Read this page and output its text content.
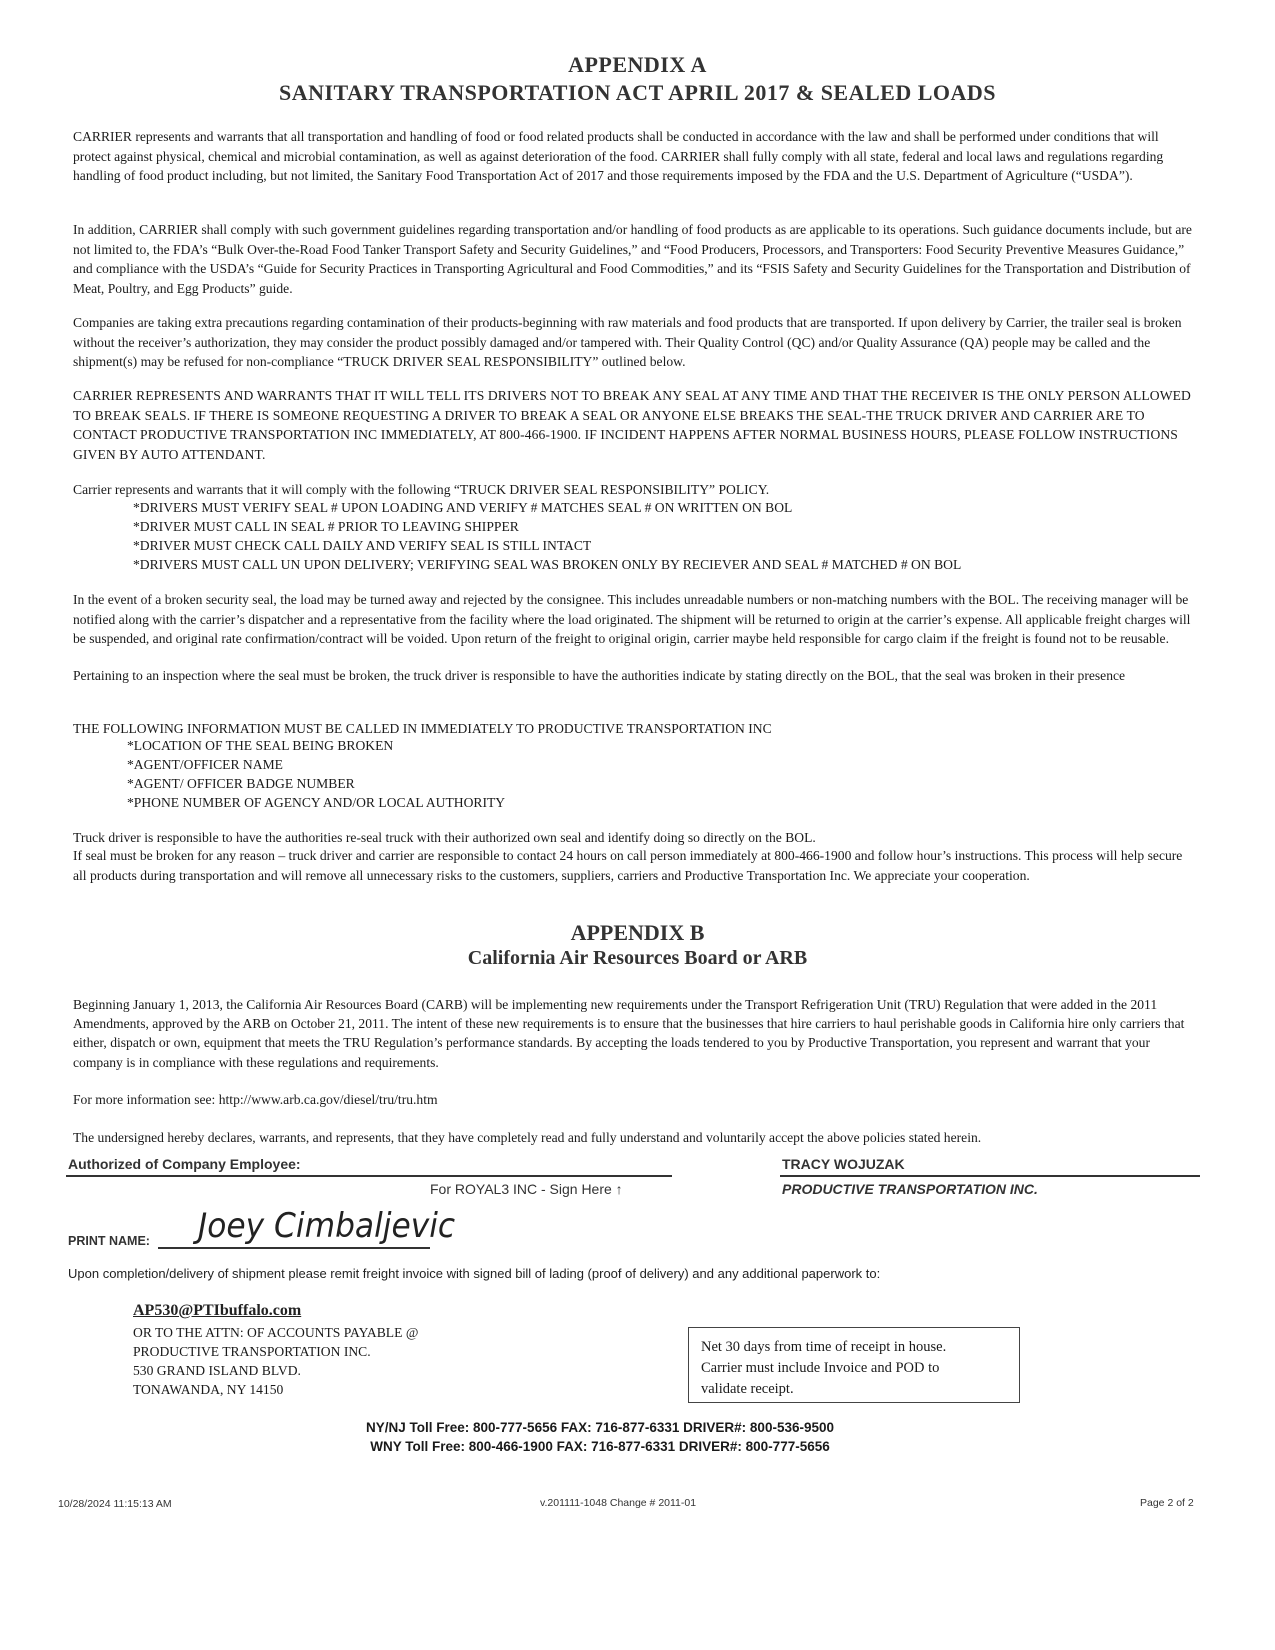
APPENDIX A
SANITARY TRANSPORTATION ACT APRIL 2017 & SEALED LOADS

CARRIER represents and warrants that all transportation and handling of food or food related products shall be conducted in accordance with the law and shall be performed under conditions that will protect against physical, chemical and microbial contamination, as well as against deterioration of the food. CARRIER shall fully comply with all state, federal and local laws and regulations regarding handling of food product including, but not limited, the Sanitary Food Transportation Act of 2017 and those requirements imposed by the FDA and the U.S. Department of Agriculture (“USDA”).

In addition, CARRIER shall comply with such government guidelines regarding transportation and/or handling of food products as are applicable to its operations. Such guidance documents include, but are not limited to, the FDA’s “Bulk Over-the-Road Food Tanker Transport Safety and Security Guidelines,” and “Food Producers, Processors, and Transporters: Food Security Preventive Measures Guidance,” and compliance with the USDA’s “Guide for Security Practices in Transporting Agricultural and Food Commodities,” and its “FSIS Safety and Security Guidelines for the Transportation and Distribution of Meat, Poultry, and Egg Products” guide.

Companies are taking extra precautions regarding contamination of their products-beginning with raw materials and food products that are transported. If upon delivery by Carrier, the trailer seal is broken without the receiver’s authorization, they may consider the product possibly damaged and/or tampered with. Their Quality Control (QC) and/or Quality Assurance (QA) people may be called and the shipment(s) may be refused for non-compliance “TRUCK DRIVER SEAL RESPONSIBILITY” outlined below.

CARRIER REPRESENTS AND WARRANTS THAT IT WILL TELL ITS DRIVERS NOT TO BREAK ANY SEAL AT ANY TIME AND THAT THE RECEIVER IS THE ONLY PERSON ALLOWED TO BREAK SEALS. IF THERE IS SOMEONE REQUESTING A DRIVER TO BREAK A SEAL OR ANYONE ELSE BREAKS THE SEAL-THE TRUCK DRIVER AND CARRIER ARE TO CONTACT PRODUCTIVE TRANSPORTATION INC IMMEDIATELY, AT 800-466-1900. IF INCIDENT HAPPENS AFTER NORMAL BUSINESS HOURS, PLEASE FOLLOW INSTRUCTIONS GIVEN BY AUTO ATTENDANT.

Carrier represents and warrants that it will comply with the following “TRUCK DRIVER SEAL RESPONSIBILITY” POLICY.

*DRIVERS MUST VERIFY SEAL # UPON LOADING AND VERIFY # MATCHES SEAL # ON WRITTEN ON BOL
*DRIVER MUST CALL IN SEAL # PRIOR TO LEAVING SHIPPER
*DRIVER MUST CHECK CALL DAILY AND VERIFY SEAL IS STILL INTACT
*DRIVERS MUST CALL UN UPON DELIVERY; VERIFYING SEAL WAS BROKEN ONLY BY RECIEVER AND SEAL # MATCHED # ON BOL

In the event of a broken security seal, the load may be turned away and rejected by the consignee. This includes unreadable numbers or non-matching numbers with the BOL. The receiving manager will be notified along with the carrier’s dispatcher and a representative from the facility where the load originated. The shipment will be returned to origin at the carrier’s expense. All applicable freight charges will be suspended, and original rate confirmation/contract will be voided. Upon return of the freight to original origin, carrier maybe held responsible for cargo claim if the freight is found not to be reusable.

Pertaining to an inspection where the seal must be broken, the truck driver is responsible to have the authorities indicate by stating directly on the BOL, that the seal was broken in their presence

THE FOLLOWING INFORMATION MUST BE CALLED IN IMMEDIATELY TO PRODUCTIVE TRANSPORTATION INC

*LOCATION OF THE SEAL BEING BROKEN
*AGENT/OFFICER NAME
*AGENT/ OFFICER BADGE NUMBER
*PHONE NUMBER OF AGENCY AND/OR LOCAL AUTHORITY

Truck driver is responsible to have the authorities re-seal truck with their authorized own seal and identify doing so directly on the BOL.

If seal must be broken for any reason – truck driver and carrier are responsible to contact 24 hours on call person immediately at 800-466-1900 and follow hour’s instructions. This process will help secure all products during transportation and will remove all unnecessary risks to the customers, suppliers, carriers and Productive Transportation Inc. We appreciate your cooperation.

APPENDIX B
California Air Resources Board or ARB

Beginning January 1, 2013, the California Air Resources Board (CARB) will be implementing new requirements under the Transport Refrigeration Unit (TRU) Regulation that were added in the 2011 Amendments, approved by the ARB on October 21, 2011. The intent of these new requirements is to ensure that the businesses that hire carriers to haul perishable goods in California hire only carriers that either, dispatch or own, equipment that meets the TRU Regulation’s performance standards. By accepting the loads tendered to you by Productive Transportation, you represent and warrant that your company is in compliance with these regulations and requirements.

For more information see: http://www.arb.ca.gov/diesel/tru/tru.htm

The undersigned hereby declares, warrants, and represents, that they have completely read and fully understand and voluntarily accept the above policies stated herein.

Authorized of Company Employee:
For ROYAL3 INC - Sign Here ↑
TRACY WOJUZAK
PRODUCTIVE TRANSPORTATION INC.
PRINT NAME: Joey Cimbaljevic
Upon completion/delivery of shipment please remit freight invoice with signed bill of lading (proof of delivery) and any additional paperwork to:
AP530@PTIbuffalo.com
OR TO THE ATTN: OF ACCOUNTS PAYABLE @
PRODUCTIVE TRANSPORTATION INC.
530 GRAND ISLAND BLVD.
TONAWANDA, NY 14150
Net 30 days from time of receipt in house.
Carrier must include Invoice and POD to
validate receipt.
NY/NJ Toll Free: 800-777-5656 FAX: 716-877-6331 DRIVER#: 800-536-9500
WNY Toll Free: 800-466-1900 FAX: 716-877-6331 DRIVER#: 800-777-5656
10/28/2024 11:15:13 AM	v.201111-1048 Change # 2011-01	Page 2 of 2
